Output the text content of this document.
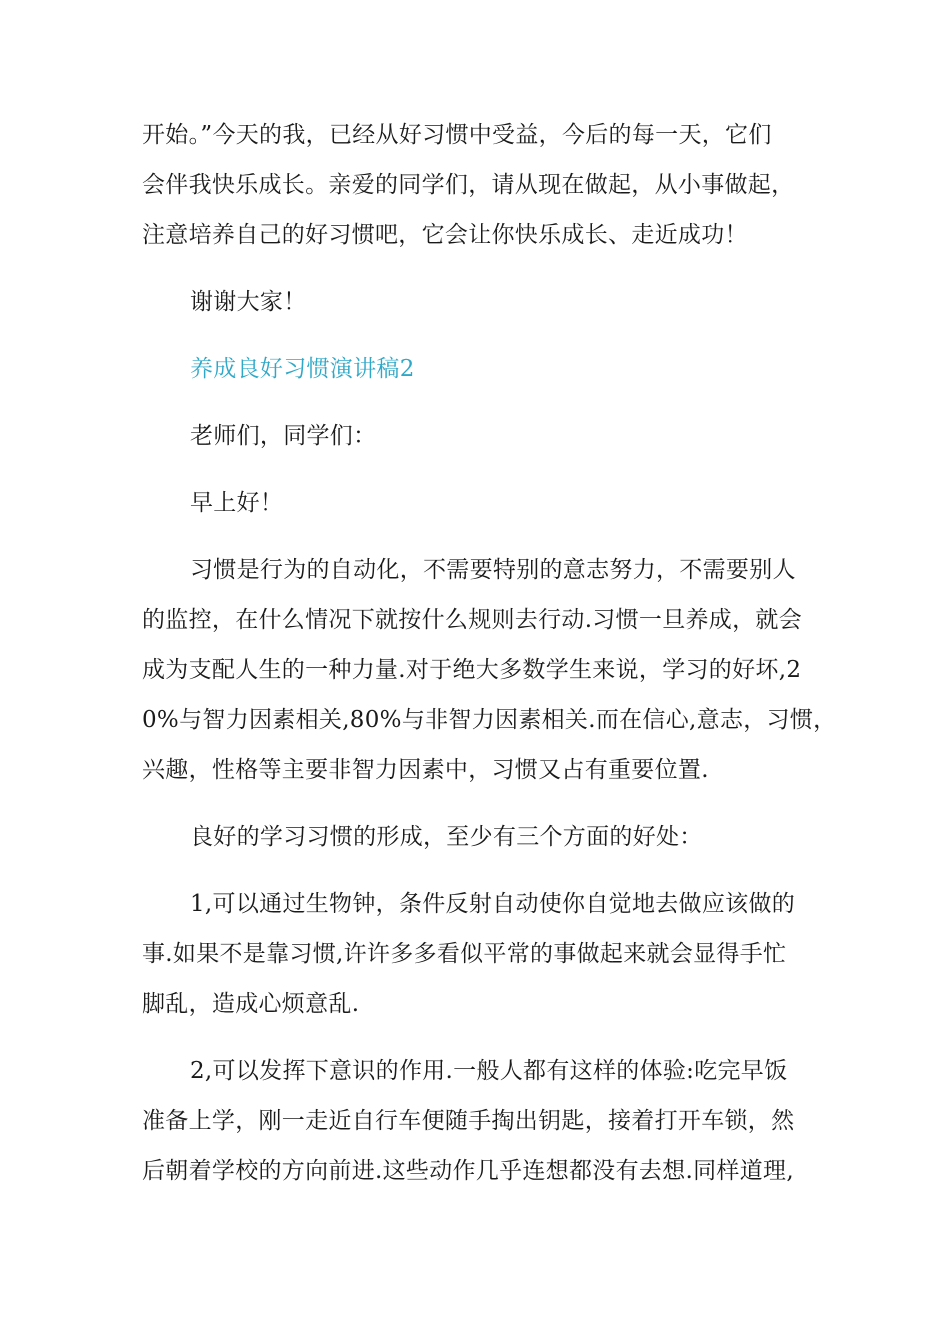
开始。”今天的我，已经从好习惯中受益，今后的每一天，它们
会伴我快乐成长。亲爱的同学们，请从现在做起，从小事做起，
注意培养自己的好习惯吧，它会让你快乐成长、走近成功！
谢谢大家！
养成良好习惯演讲稿2
老师们，同学们：
早上好！
习惯是行为的自动化，不需要特别的意志努力，不需要别人
的监控，在什么情况下就按什么规则去行动.习惯一旦养成，就会
成为支配人生的一种力量.对于绝大多数学生来说，学习的好坏,2
0%与智力因素相关,80%与非智力因素相关.而在信心,意志，习惯，
兴趣，性格等主要非智力因素中，习惯又占有重要位置.
良好的学习习惯的形成，至少有三个方面的好处：
1,可以通过生物钟，条件反射自动使你自觉地去做应该做的
事.如果不是靠习惯,许许多多看似平常的事做起来就会显得手忙
脚乱，造成心烦意乱.
2,可以发挥下意识的作用.一般人都有这样的体验:吃完早饭
准备上学，刚一走近自行车便随手掏出钥匙，接着打开车锁，然
后朝着学校的方向前进.这些动作几乎连想都没有去想.同样道理,
